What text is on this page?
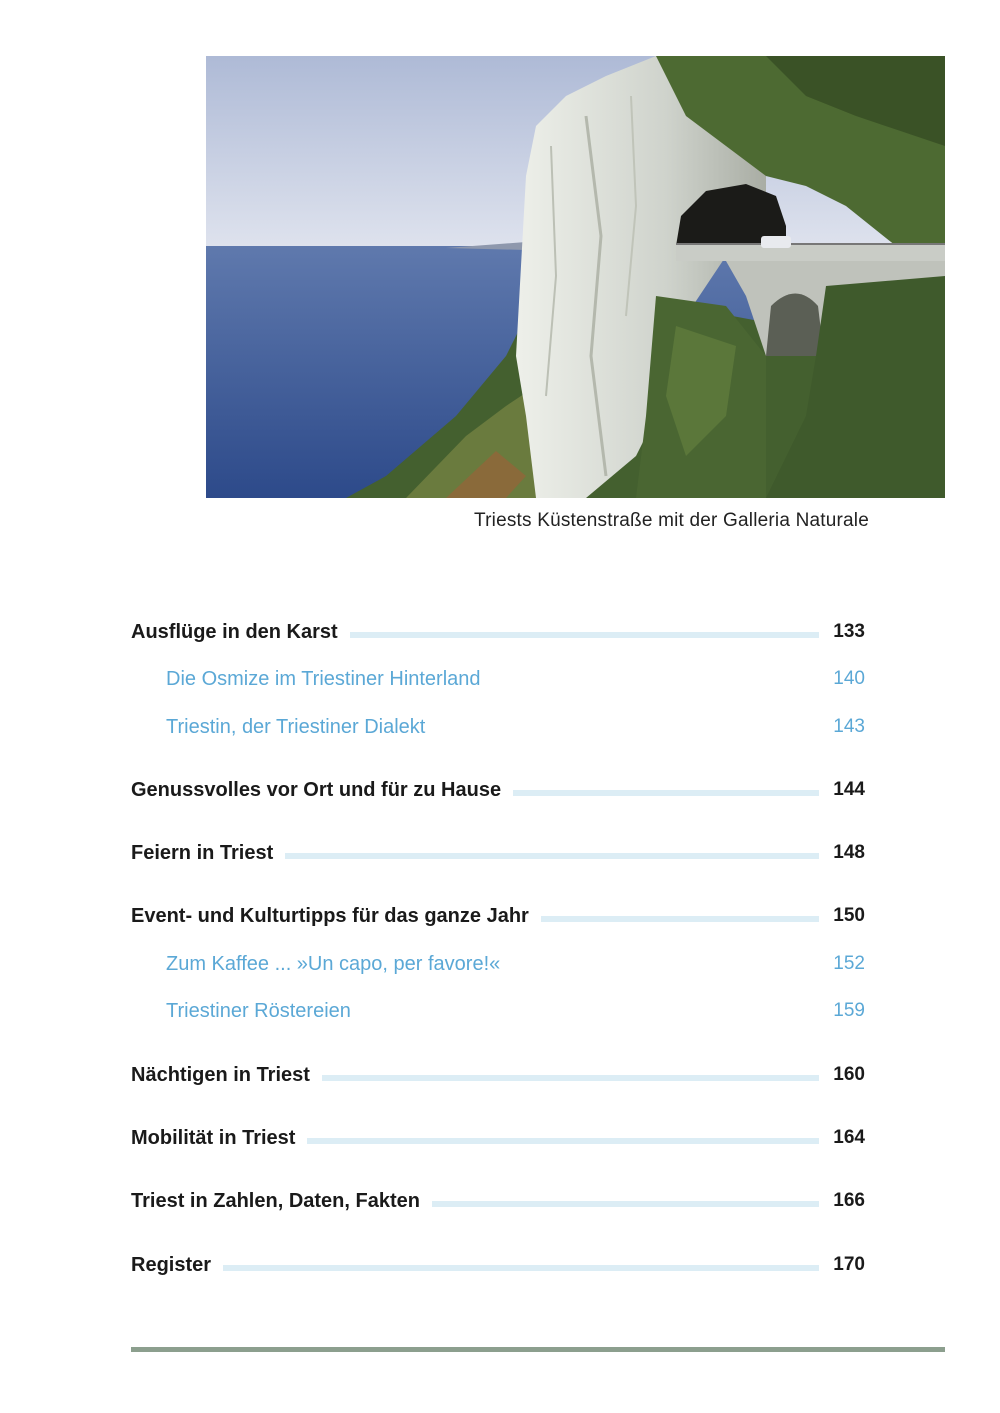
Triests Küstenstraße mit der Galleria Naturale
Ausflüge in den Karst	133
Die Osmize im Triestiner Hinterland	140
Triestin, der Triestiner Dialekt	143
Genussvolles vor Ort und für zu Hause	144
Feiern in Triest	148
Event- und Kulturtipps für das ganze Jahr	150
Zum Kaffee ... »Un capo, per favore!«	152
Triestiner Röstereien	159
Nächtigen in Triest	160
Mobilität in Triest	164
Triest in Zahlen, Daten, Fakten	166
Register	170
